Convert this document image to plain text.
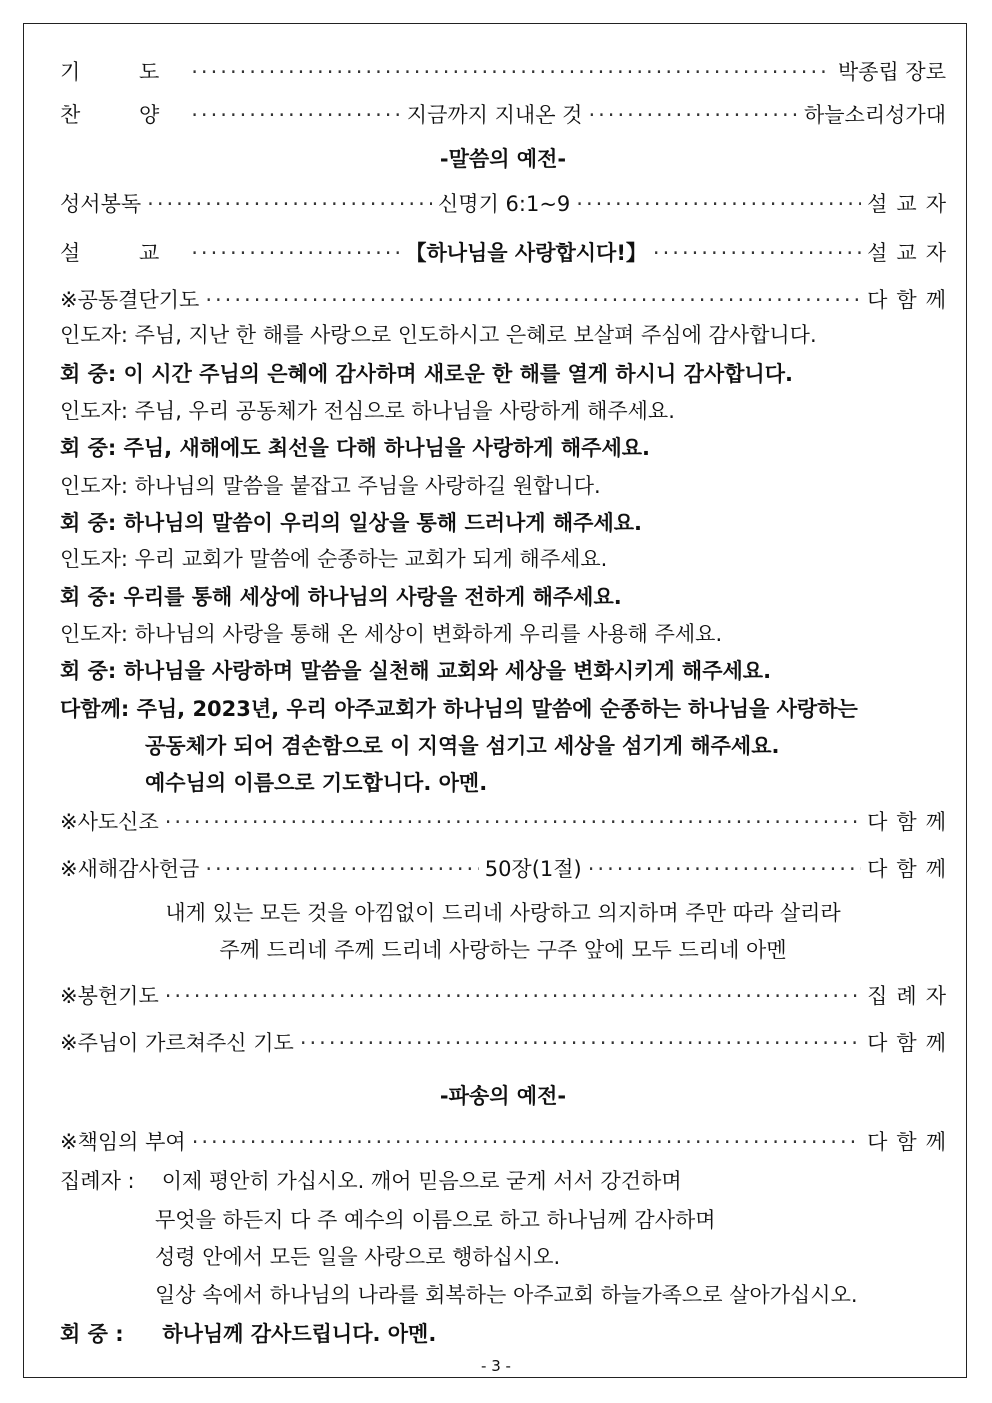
기 도 ·····	박종립 장로
찬 양 ·····	지금까지 지내온 것 ·····	하늘소리성가대
-말씀의 예전-
성서봉독 ·····	신명기 6:1~9 ·····	설교자
설 교 ·····	【하나님을 사랑합시다!】 ·····	설교자
※공동결단기도 ·····	다함께
인도자: 주님, 지난 한 해를 사랑으로 인도하시고 은혜로 보살펴 주심에 감사합니다.
회 중: 이 시간 주님의 은혜에 감사하며 새로운 한 해를 열게 하시니 감사합니다.
인도자: 주님, 우리 공동체가 전심으로 하나님을 사랑하게 해주세요.
회 중: 주님, 새해에도 최선을 다해 하나님을 사랑하게 해주세요.
인도자: 하나님의 말씀을 붙잡고 주님을 사랑하길 원합니다.
회 중: 하나님의 말씀이 우리의 일상을 통해 드러나게 해주세요.
인도자: 우리 교회가 말씀에 순종하는 교회가 되게 해주세요.
회 중: 우리를 통해 세상에 하나님의 사랑을 전하게 해주세요.
인도자: 하나님의 사랑을 통해 온 세상이 변화하게 우리를 사용해 주세요.
회 중: 하나님을 사랑하며 말씀을 실천해 교회와 세상을 변화시키게 해주세요.
다함께: 주님, 2023년, 우리 아주교회가 하나님의 말씀에 순종하는 하나님을 사랑하는
공동체가 되어 겸손함으로 이 지역을 섬기고 세상을 섬기게 해주세요.
예수님의 이름으로 기도합니다. 아멘.
※사도신조 ·····	다함께
※새해감사헌금 ·····	50장(1절) ·····	다함께
내게 있는 모든 것을 아낌없이 드리네 사랑하고 의지하며 주만 따라 살리라
주께 드리네 주께 드리네 사랑하는 구주 앞에 모두 드리네 아멘
※봉헌기도 ·····	집례자
※주님이 가르쳐주신 기도 ·····	다함께
-파송의 예전-
※책임의 부여 ·····	다함께
집례자 : 이제 평안히 가십시오. 깨어 믿음으로 굳게 서서 강건하며
무엇을 하든지 다 주 예수의 이름으로 하고 하나님께 감사하며
성령 안에서 모든 일을 사랑으로 행하십시오.
일상 속에서 하나님의 나라를 회복하는 아주교회 하늘가족으로 살아가십시오.
회 중 : 하나님께 감사드립니다. 아멘.
- 3 -
